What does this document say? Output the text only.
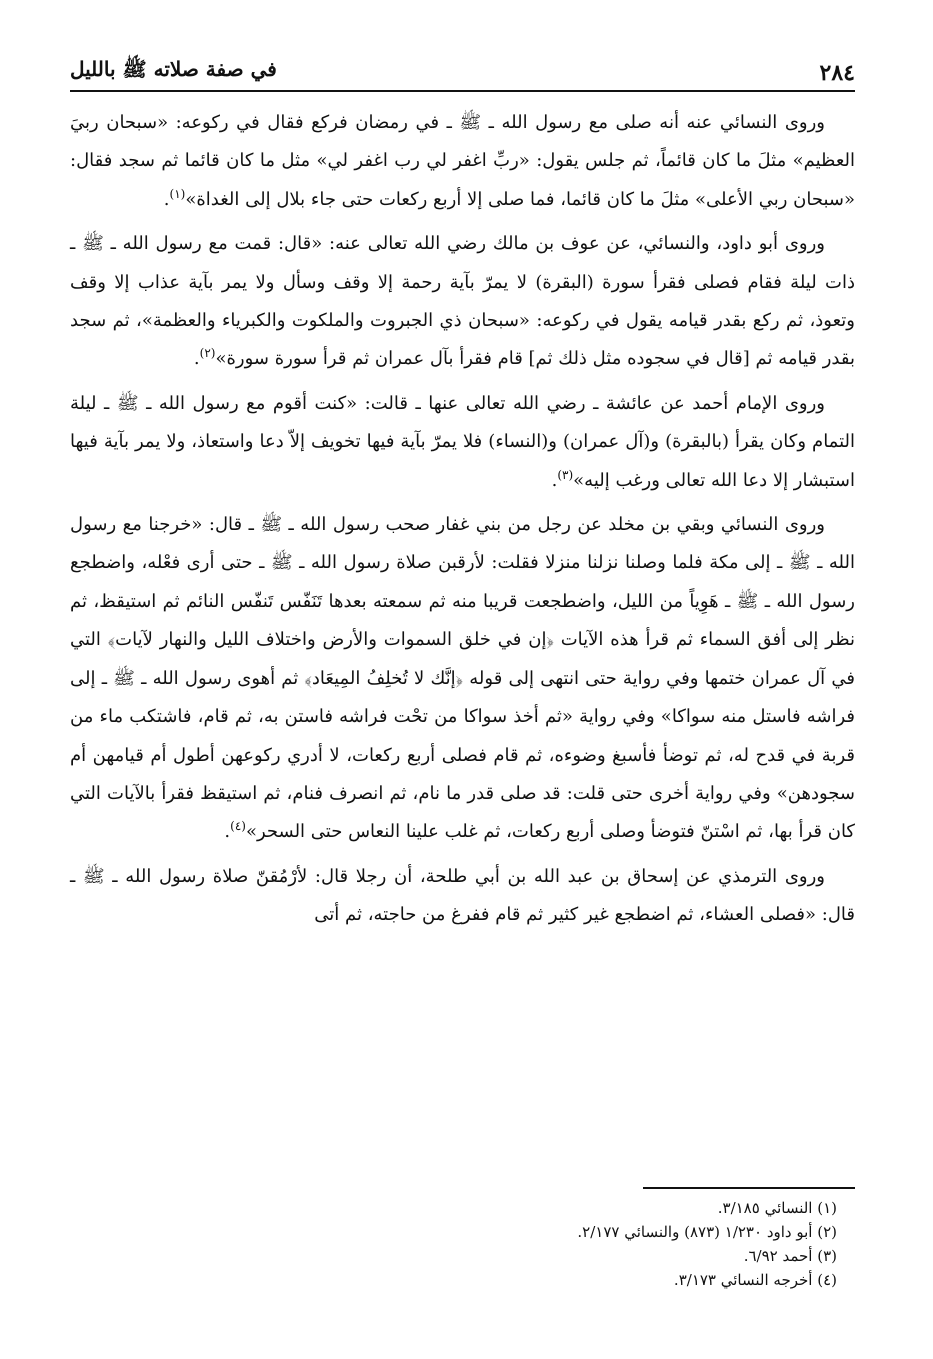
٢٨٤
في صفة صلاته ﷺ بالليل

وروى النسائي عنه أنه صلى مع رسول الله ـ ﷺ ـ في رمضان فركع فقال في ركوعه: «سبحان ربيَ العظيم» مثلَ ما كان قائماً، ثم جلس يقول: «ربِّ اغفر لي رب اغفر لي» مثل ما كان قائما ثم سجد فقال: «سبحان ربي الأعلى» مثلَ ما كان قائما، فما صلى إلا أربع ركعات حتى جاء بلال إلى الغداة»$^{(١)}$.

وروى أبو داود، والنسائي، عن عوف بن مالك رضي الله تعالى عنه: «قال: قمت مع رسول الله ـ ﷺ ـ ذات ليلة فقام فصلى فقرأ سورة (البقرة) لا يمرّ بآية رحمة إلا وقف وسأل ولا يمر بآية عذاب إلا وقف وتعوذ، ثم ركع بقدر قيامه يقول في ركوعه: «سبحان ذي الجبروت والملكوت والكبرياء والعظمة»، ثم سجد بقدر قيامه ثم [قال في سجوده مثل ذلك ثم] قام فقرأ بآل عمران ثم قرأ سورة سورة»$^{(٢)}$.

وروى الإمام أحمد عن عائشة ـ رضي الله تعالى عنها ـ قالت: «كنت أقوم مع رسول الله ـ ﷺ ـ ليلة التمام وكان يقرأ (بالبقرة) و(آل عمران) و(النساء) فلا يمرّ بآية فيها تخويف إلاّ دعا واستعاذ، ولا يمر بآية فيها استبشار إلا دعا الله تعالى ورغب إليه»$^{(٣)}$.

وروى النسائي وبقي بن مخلد عن رجل من بني غفار صحب رسول الله ـ ﷺ ـ قال: «خرجنا مع رسول الله ـ ﷺ ـ إلى مكة فلما وصلنا نزلنا منزلا فقلت: لأرقبن صلاة رسول الله ـ ﷺ ـ حتى أرى فعْله، واضطجع رسول الله ـ ﷺ ـ هَوِياً من الليل، واضطجعت قريبا منه ثم سمعته بعدها تَنَفّس تَنفّس النائم ثم استيقظ، ثم نظر إلى أفق السماء ثم قرأ هذه الآيات ﴿إن في خلق السموات والأرض واختلاف الليل والنهار لآيات﴾ التي في آل عمران ختمها وفي رواية حتى انتهى إلى قوله ﴿إنَّك لا تُخلِفُ المِيعَاد﴾ ثم أهوى رسول الله ـ ﷺ ـ إلى فراشه فاستل منه سواكا» وفي رواية «ثم أخذ سواكا من تحْت فراشه فاستن به، ثم قام، فاشتكب ماء من قربة في قدح له، ثم توضأ فأسبغ وضوءه، ثم قام فصلى أربع ركعات، لا أدري ركوعهن أطول أم قيامهن أم سجودهن» وفي رواية أخرى حتى قلت: قد صلى قدر ما نام، ثم انصرف فنام، ثم استيقظ فقرأ بالآيات التي كان قرأ بها، ثم اسْتنّ فتوضأ وصلى أربع ركعات، ثم غلب علينا النعاس حتى السحر»$^{(٤)}$.

وروى الترمذي عن إسحاق بن عبد الله بن أبي طلحة، أن رجلا قال: لأرْمُقنّ صلاة رسول الله ـ ﷺ ـ قال: «فصلى العشاء، ثم اضطجع غير كثير ثم قام ففرغ من حاجته، ثم أتى

(١) النسائي ٣/١٨٥.

(٢) أبو داود ١/٢٣٠ (٨٧٣) والنسائي ٢/١٧٧.

(٣) أحمد ٦/٩٢.

(٤) أخرجه النسائي ٣/١٧٣.
